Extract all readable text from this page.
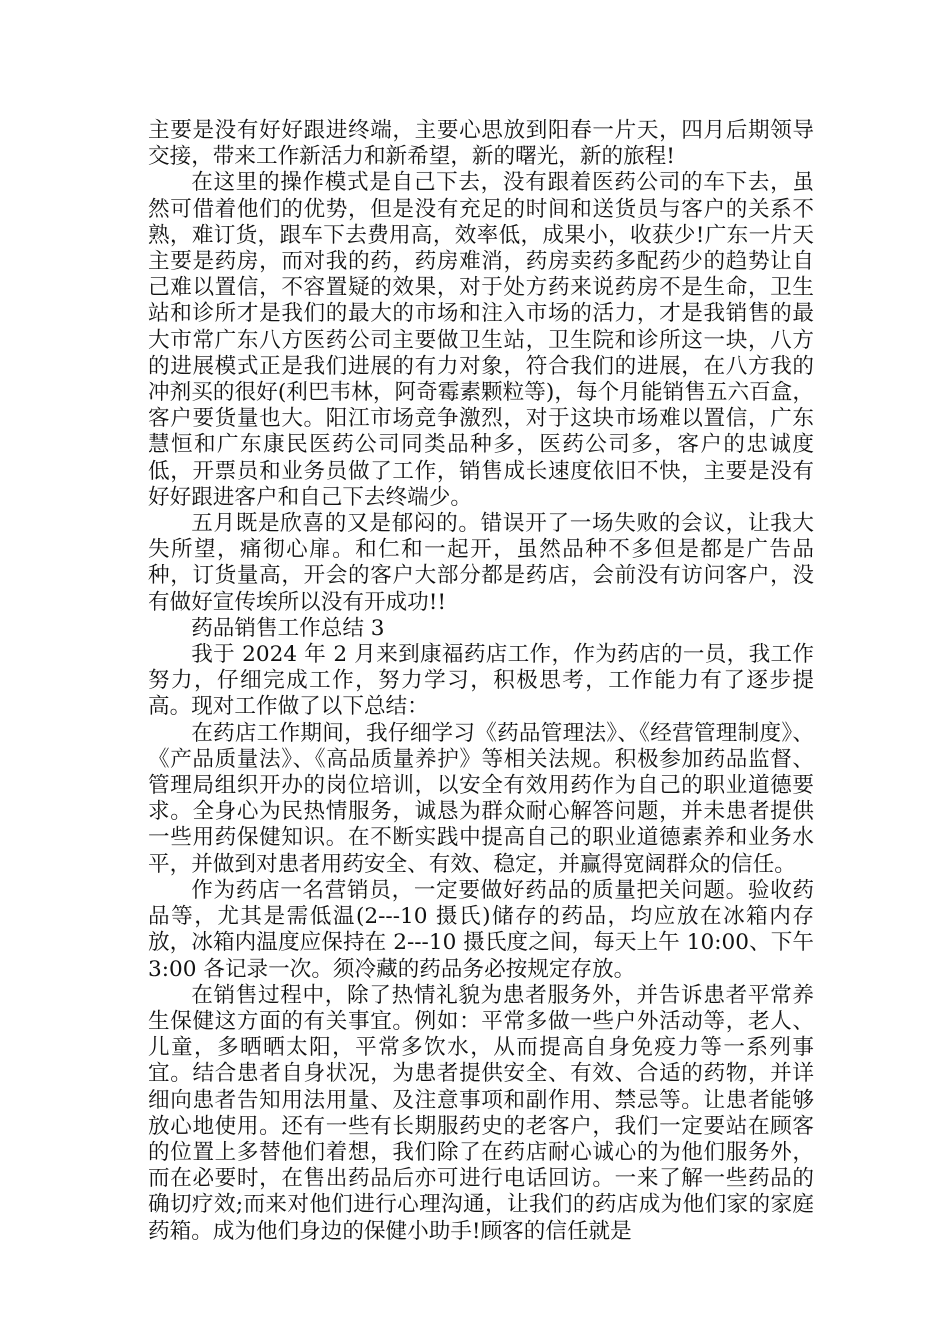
主要是没有好好跟进终端，主要心思放到阳春一片天，四月后期领导交接，带来工作新活力和新希望，新的曙光，新的旅程!

在这里的操作模式是自己下去，没有跟着医药公司的车下去，虽然可借着他们的优势，但是没有充足的时间和送货员与客户的关系不熟，难订货，跟车下去费用高，效率低，成果小，收获少!广东一片天主要是药房，而对我的药，药房难消，药房卖药多配药少的趋势让自己难以置信，不容置疑的效果，对于处方药来说药房不是生命，卫生站和诊所才是我们的最大的市场和注入市场的活力，才是我销售的最大市常广东八方医药公司主要做卫生站，卫生院和诊所这一块，八方的进展模式正是我们进展的有力对象，符合我们的进展，在八方我的冲剂买的很好(利巴韦林，阿奇霉素颗粒等)，每个月能销售五六百盒，客户要货量也大。阳江市场竞争激烈，对于这块市场难以置信，广东慧恒和广东康民医药公司同类品种多，医药公司多，客户的忠诚度低，开票员和业务员做了工作，销售成长速度依旧不快，主要是没有好好跟进客户和自己下去终端少。

五月既是欣喜的又是郁闷的。错误开了一场失败的会议，让我大失所望，痛彻心扉。和仁和一起开，虽然品种不多但是都是广告品种，订货量高，开会的客户大部分都是药店，会前没有访问客户，没有做好宣传埃所以没有开成功!!

药品销售工作总结 3

我于 2024 年 2 月来到康福药店工作，作为药店的一员，我工作努力，仔细完成工作，努力学习，积极思考，工作能力有了逐步提高。现对工作做了以下总结：

在药店工作期间，我仔细学习《药品管理法》、《经营管理制度》、《产品质量法》、《高品质量养护》等相关法规。积极参加药品监督、管理局组织开办的岗位培训，以安全有效用药作为自己的职业道德要求。全身心为民热情服务，诚恳为群众耐心解答问题，并未患者提供一些用药保健知识。在不断实践中提高自己的职业道德素养和业务水平，并做到对患者用药安全、有效、稳定，并赢得宽阔群众的信任。

作为药店一名营销员，一定要做好药品的质量把关问题。验收药品等，尤其是需低温(2---10 摄氏)储存的药品，均应放在冰箱内存放，冰箱内温度应保持在 2---10 摄氏度之间，每天上午 10:00、下午 3:00 各记录一次。须冷藏的药品务必按规定存放。

在销售过程中，除了热情礼貌为患者服务外，并告诉患者平常养生保健这方面的有关事宜。例如：平常多做一些户外活动等，老人、儿童，多晒晒太阳，平常多饮水，从而提高自身免疫力等一系列事宜。结合患者自身状况，为患者提供安全、有效、合适的药物，并详细向患者告知用法用量、及注意事项和副作用、禁忌等。让患者能够放心地使用。还有一些有长期服药史的老客户，我们一定要站在顾客的位置上多替他们着想，我们除了在药店耐心诚心的为他们服务外，而在必要时，在售出药品后亦可进行电话回访。一来了解一些药品的确切疗效;而来对他们进行心理沟通，让我们的药店成为他们家的家庭药箱。成为他们身边的保健小助手!顾客的信任就是
